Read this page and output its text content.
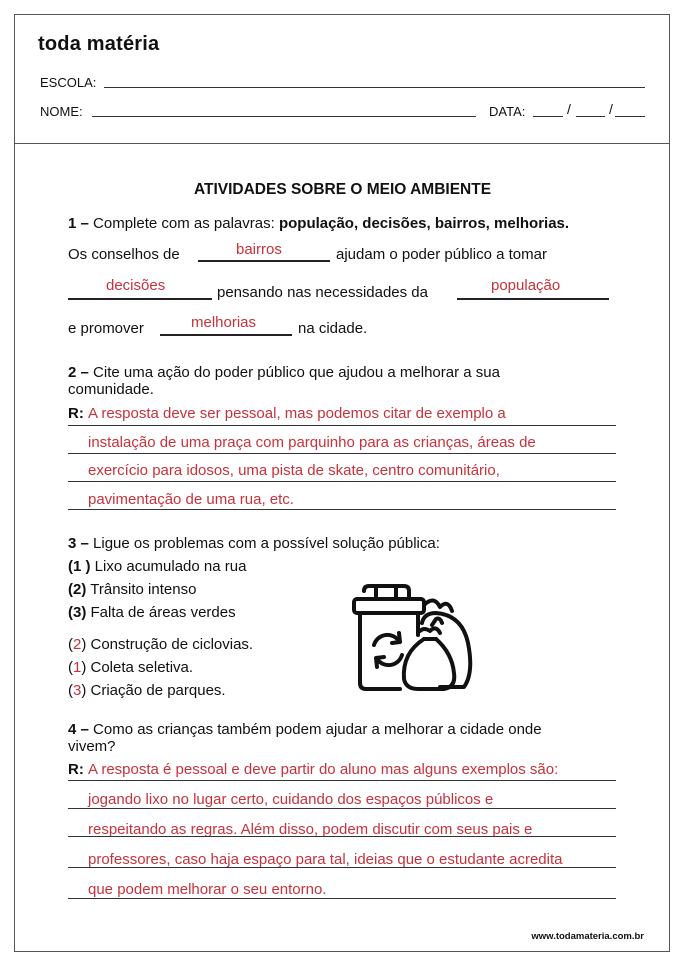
toda matéria
ESCOLA:
NOME:	DATA:	/	/
ATIVIDADES SOBRE O MEIO AMBIENTE
1 – Complete com as palavras: população, decisões, bairros, melhorias.
Os conselhos de	bairros	ajudam o poder público a tomar
decisões	pensando nas necessidades da	população
e promover	melhorias	na cidade.
2 – Cite uma ação do poder público que ajudou a melhorar a sua
comunidade.
R: A resposta deve ser pessoal, mas podemos citar de exemplo a
instalação de uma praça com parquinho para as crianças, áreas de
exercício para idosos, uma pista de skate, centro comunitário,
pavimentação de uma rua, etc.
3 – Ligue os problemas com a possível solução pública:
(1 ) Lixo acumulado na rua
(2) Trânsito intenso
(3) Falta de áreas verdes
(2) Construção de ciclovias.
(1) Coleta seletiva.
(3) Criação de parques.
4 – Como as crianças também podem ajudar a melhorar a cidade onde
vivem?
R: A resposta é pessoal e deve partir do aluno mas alguns exemplos são:
jogando lixo no lugar certo, cuidando dos espaços públicos e
respeitando as regras. Além disso, podem discutir com seus pais e
professores, caso haja espaço para tal, ideias que o estudante acredita
que podem melhorar o seu entorno.
www.todamateria.com.br
